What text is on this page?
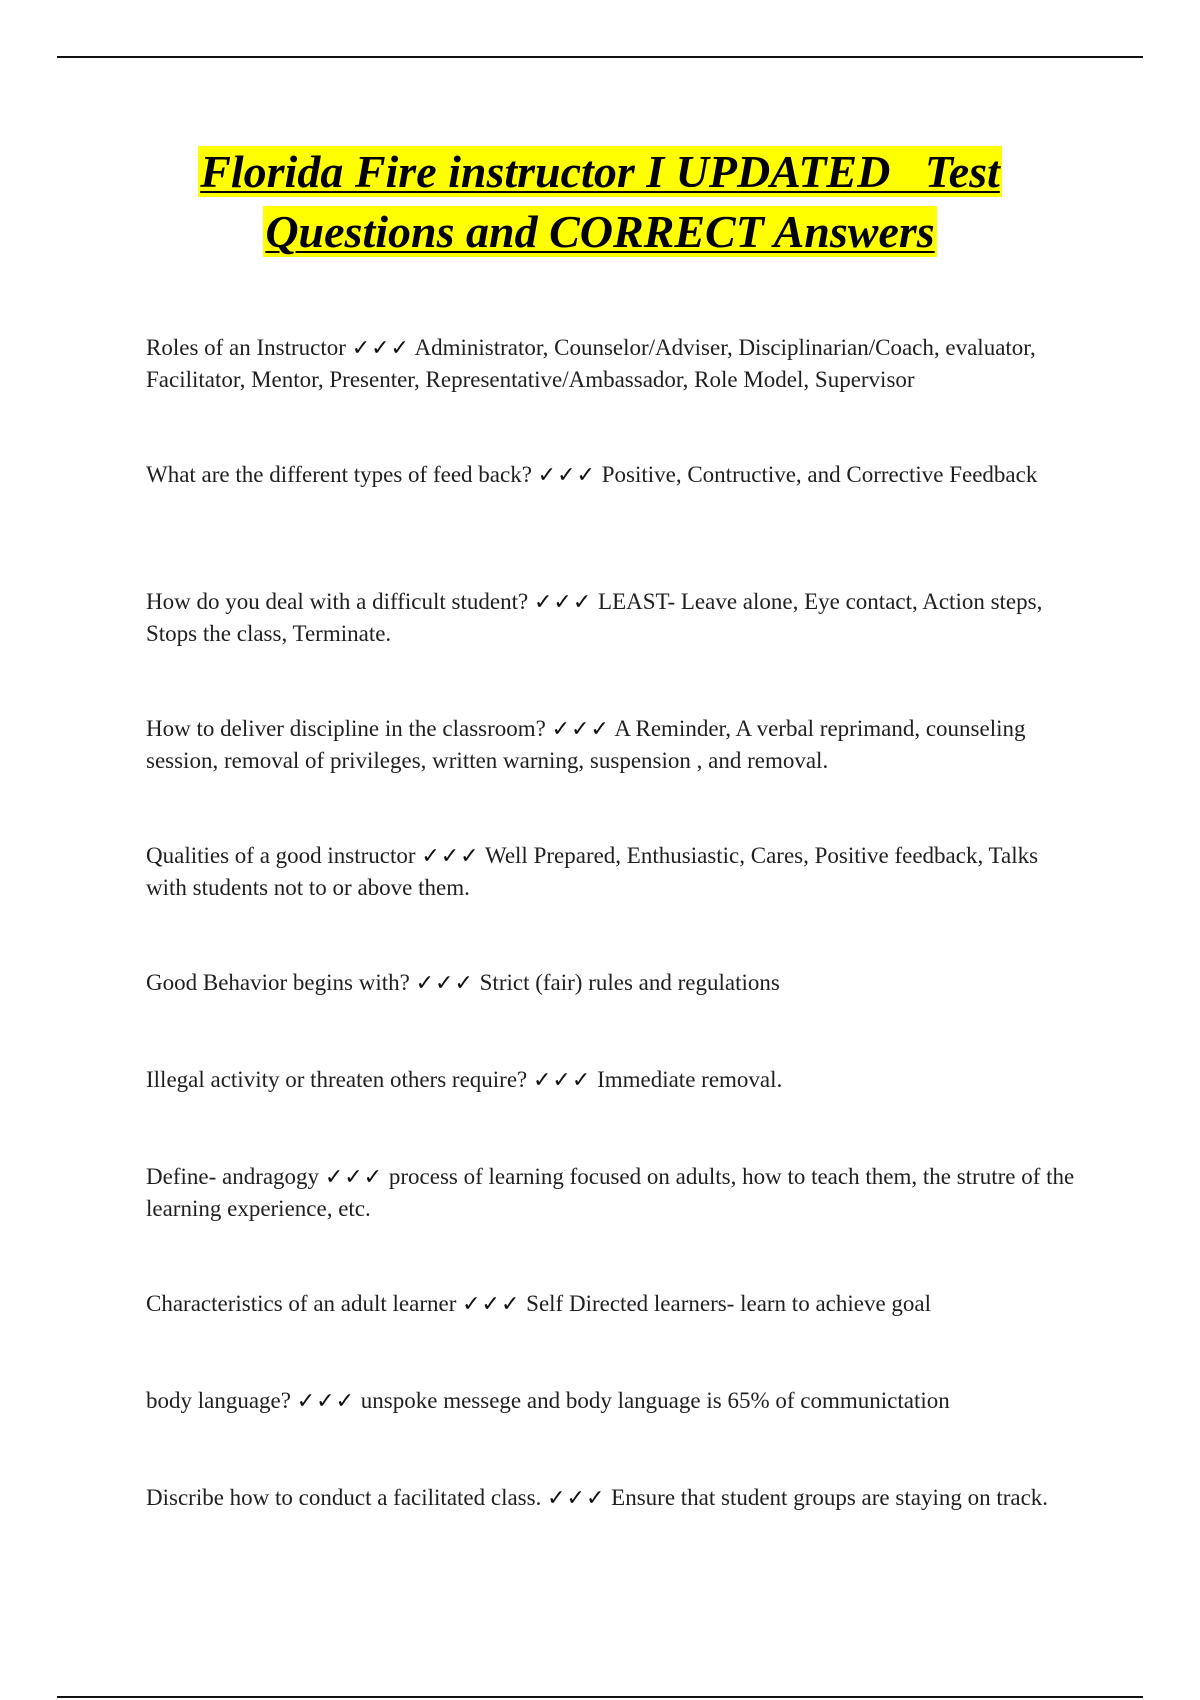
Florida Fire instructor I UPDATED   Test
Questions and CORRECT Answers

Roles of an Instructor ✓✓✓ Administrator, Counselor/Adviser, Disciplinarian/Coach, evaluator, Facilitator, Mentor, Presenter, Representative/Ambassador, Role Model, Supervisor

What are the different types of feed back? ✓✓✓ Positive, Contructive, and Corrective Feedback

How do you deal with a difficult student? ✓✓✓ LEAST- Leave alone, Eye contact, Action steps, Stops the class, Terminate.

How to deliver discipline in the classroom? ✓✓✓ A Reminder, A verbal reprimand, counseling session, removal of privileges, written warning, suspension , and removal.

Qualities of a good instructor ✓✓✓ Well Prepared, Enthusiastic, Cares, Positive feedback, Talks with students not to or above them.

Good Behavior begins with? ✓✓✓ Strict (fair) rules and regulations

Illegal activity or threaten others require? ✓✓✓ Immediate removal.

Define- andragogy ✓✓✓ process of learning focused on adults, how to teach them, the strutre of the learning experience, etc.

Characteristics of an adult learner ✓✓✓ Self Directed learners- learn to achieve goal

body language? ✓✓✓ unspoke messege and body language is 65% of communictation

Discribe how to conduct a facilitated class. ✓✓✓ Ensure that student groups are staying on track.
